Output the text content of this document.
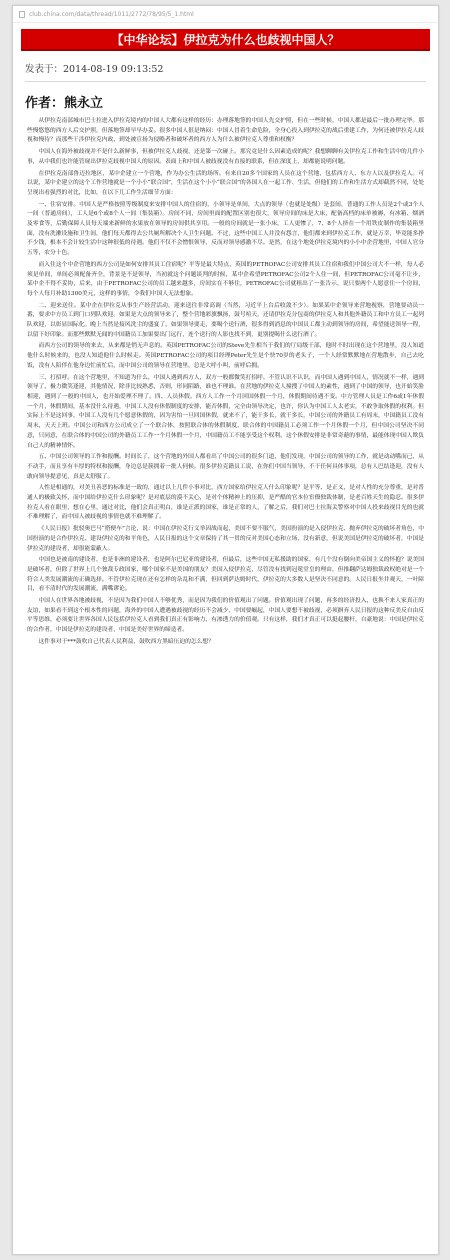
club.china.com/data/thread/1011/2772/78/95/5_1.html
【中华论坛】伊拉克为什么也歧视中国人？
发表于：2014-08-19 09:13:52
作者：熊永立

从伊拉克南部城市巴士拉进入伊拉克境内的中国人大都有这样的经历：办理落地签的中国人先交护照，但在一些时候，中国人都是最后一批办理完毕。那些慢悠悠的西方人后交护照，但落地签却早早办妥。很多中国人很是纳闷：中国人冒着生命危险，全身心投入到伊拉克的战后重建工作，为何还被伊拉克人歧视和慢待？而那些干涉伊拉克内政、到处被宣扬为侵略者和破坏者的西方人为什么被伊拉克人尊重和权衡？

中国人在海外被歧视并不是什么新鲜事，但被伊拉克人歧视，还是第一次碰上。那究竟是什么因素造成的呢？我想聊聊有关伊拉克工作和生活中的几件小事，从中我们也许能管窥出伊拉克歧视中国人的原因。表面上和中国人被歧视没有直接的联系，但在深度上，却都能说明问题。

在伊拉克南部鲁迈拉地区，某中企建立一个营地，作为办公生活的场所。有来自20多个国家的人员在这个营地，包括西方人、东方人以及伊拉克人。可以说，某中企建立的这个工作营地就是一个小小“联合国”，生活在这个小小“联合国”的各国人在一起工作、生活，但他们的工作和生活方式却截然不同，处处呈现出看强烈的对比，比如，在以下几工作生活细节方面：

一、住宿安排。中国人是严格按照等级制度来安排中国人的住宿的，小领导是单间，大点的领导（也就是处级）是套间，普通的工作人员是2个或3个人一间（普通房间），工人是6个或8个人一间（集装箱）。房间不同，房间里面的配置区别也很大，领导房间的床是大床，配备高档的床单被褥，有冰箱、烟酒及零食等，后勤保障人员每天端来新鲜的水果放在领导的房间供其享用。一般的房间就是一张小床，工人更惨了，7、8个人挤在一个用铁皮制作的集装箱里面，没有洗漱设施和卫生间，他们每天都得去公共厕所解决个人卫生问题。不过，这些中国工人并没有怨言，他们都来到伊拉克工作，就是万幸，毕竟能多挣不少钱，根本不会计较生活中这种很低的待遇。他们不仅不会憎恨领导，反而对领导感激不尽。是然，在这个地处伊拉克境内的小小中企营地里，中国人官分五等，农分十色。

而入住这个中企营地的西方公司是如何安排其员工住宿呢？平等是最大特点，英国的PETROFAC公司安排其员工住宿和我们中国公司大不一样，每人必须是单间，单间必须配备齐全，背景是不是领导，当初就这个问题谈判的时候，某中企希望PETROFAC公司2个人住一间，但PETROFAC公司毫不让步，某中企不得不妥协，后来，由于PETROFAC公司的员工越来越多，房间实在不够住，PETROFAC公司就租出了一张告示，说只要两个人愿意住一个房间，每个人每月补助1300美元，这样的事情，令我们中国人无法想象。

二、迎来送往。某中企在伊拉克从事生产经营活动，迎来送往非常高调（当然，习近平上台后收敛不少）。如果某中企领导来营地视察，营地要动员一番，要求中方员工到门口列队欢迎。如果是大点的领导来了，整个营地彩旗飘扬，鼓号喧天，还请伊拉克分包商的伊拉克人和其他外籍员工和中方员工一起列队欢迎，以彰显国际化。晚上当然是接风洗尘的盛宴了。如果领导要走，要喝个送行酒，很多得到消息的中国员工都主动到领导的房间，希望能送领导一程，以留下好印象。而那些默默无闻的中国籍员工加果要出门远行，连个送行的人影也找不到，更别提喝什么送行酒了。

而西方公司的领导的来去，从来都是悄无声息的。英国PETROFAC公司的Steve先生相当于我们的厅局级干部，他时不时出现在这个营地里，没人知道他什么时候来的，也没人知道他什么时候走。英国PETROFAC公司的项目经理Peter先生是个快70岁的老头子，一个人经常默默地在营地散步，自己去吃饭，没有人陪伴在他身边忙前忙后，而中国公司的领导在营地里，总是大呼小叫，前呼后拥。

三、打招呼。在这个营地里，不知道为什么，中国人遇到西方人，双方一般都微笑打招呼。不管认识不认识，而中国人遇到中国人，情况就不一样，遇到领导了，极力微笑逢迎，其他情况，除非比较熟悉，否则，形同陌路，谁也不理谁。在营地的伊拉克人撞搜了中国人的素性，遇到了中国的领导，也开始笑脸相迎，遇到了一般的中国人，也开始爱理不理了。四、人员休假。西方人工作一个月回国休假一个月，休假期间待遇不变。中方管理人员是工作6或1年休假一个月，休假期间，基本没什么待遇，中国工人没有休假制度的安排，能否休假，完全由领导决定，也许，你认为中国工人太老实，不敢争取休假的权利。但实际上不是这回事，中国工人没有几个愿意休假的，因为害怕一旦回国休假，就来不了，能干多长，就干多长，中国公司的外籍员工有周末，中国籍员工没有周末，天天上班。中国公司和西方公司成立了一个联合体，按照联合体的休假制度，联合体的中国籍员工必须工作一个月休假一个月，但中国公司坚决不同意，只同意，在联合体的中国公司的外籍员工工作一个月休假一个月，中国籍员工不能享受这个权利。这个休假安排是非常奇葩的事情，最能体现中国人欺负自己人的精神情怀。

五、中国公司领导的工作和报酬。时间长了，这个营地的外国人都看出了中国公司的很多门道，他们发现，中国公司的领导的工作，就是动动嘴而已，从不动手，而且享有丰厚的特权和报酬，身边总是簇拥着一批人伺候。很多伊拉克籍员工说，在你们中国当领导，不干任何具体事项，总有人巴结逢迎，没有人敢向领导提意见，真是太舒服了。

人性是相通的，对美丑善恶的标准是一致的，通过以上几件小事对比，西方国家给伊拉克人什么印象呢？是平等、是正义，是对人性的充分尊重，是对普通人的极致关怀，而中国给伊拉克什么印象呢？是对底层的漠不关心，是对个体精神上的压抑，是严酷的官本位宦僚独裁体制，是老百姓天生的隐忍。很多伊拉克人看在眼里，想在心里，通过对比，他们会真正明白，谁是正派的国家，谁是正常的人，了解之后，我们对巴士拉海关警察对中国人投来歧视目光的也就不难理解了，而中国人被歧视的事情也就不难理解了。

《人民日报》批驳奥巴马“搭便车”言论，说：中国在伊拉克行义举因战而起，美国不要不服气，美国扮演的是入侵伊拉克、抛弃伊拉克的破坏者角色，中国扮演的是合作伊拉克、建设伊拉克的和平角色，人民日报的这个文章保持了其一贯的反对美国心态和立场，没有新意，但说美国是伊拉克的破坏者，中国是伊拉克的建设者，却很能蒙蔽人。

中国也是被南的建设者，也是非洲的建设者，也是阿尔巴尼亚的建设者，但最后，这些中国无私援助的国家，有几个没有倒向美帝国主义的怀抱？说美国是破坏者，但除了世界上几个独裁专政国家，哪个国家不是美国的朋友？美国入侵伊拉克，尽管没有找到冠冕堂皇的理由，但推翻萨达姆独裁政权绝对是一个符合人类发展潮流的正确选择。不管伊拉克现在还有怎样的杂乱和不满，但回到萨达姆时代，伊拉克的大多数人是坚决不同意的。人民日报坐井观天，一叶障目，看不清时代的发展潮流，满嘴谬论。

中国人在世界各地被歧视，不是因为我们中国人不够优秀，而是因为我们的价值观出了问题。价值观出现了问题，再多的经济投入，也换不来人家真正的友谊，如果看不到这个根本性的问题，海外的中国人遭遇被歧视的经历不会减少，中国要崛起，中国人要想不被歧视，必须摒弃人民日报的这种反美反自由反平等思维，必须要让世界各国人民包括伊拉克人看到我们真正有影响力、有渗透力的价值观。只有这样，我们才真正可以挺起腰杆，自豪地说：中国是伊拉克的合作者，中国是伊拉克的建设者，中国是美好世界的缔造者。

这件事对于***鼓吹自己代表人民利益、鼓吹西方黑暗压迫的怎么想？
